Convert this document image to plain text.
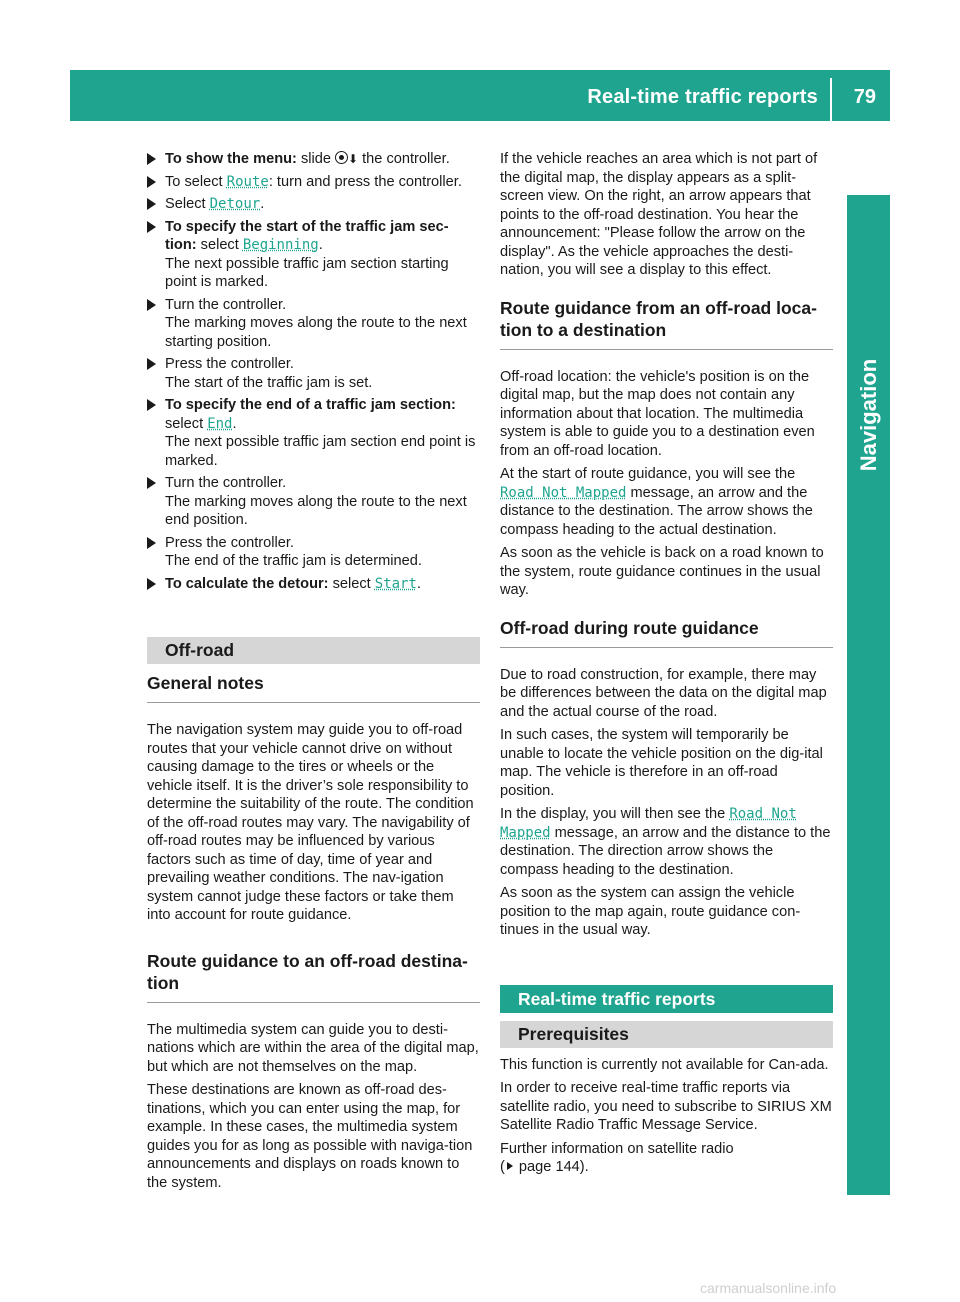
Real-time traffic reports 79
Navigation

To show the menu: slide ⬇ the controller.

To select Route: turn and press the controller.

Select Detour.

To specify the start of the traffic jam sec-tion: select Beginning.

The next possible traffic jam section starting point is marked.

Turn the controller.

The marking moves along the route to the next starting position.

Press the controller.

The start of the traffic jam is set.

To specify the end of a traffic jam section:

select End.

The next possible traffic jam section end point is marked.

Turn the controller.

The marking moves along the route to the next end position.

Press the controller.

The end of the traffic jam is determined.

To calculate the detour: select Start.

Off-road
General notes

The navigation system may guide you to off-road routes that your vehicle cannot drive on without causing damage to the tires or wheels or the vehicle itself. It is the driver’s sole responsibility to determine the suitability of the route. The condition of the off-road routes may vary. The navigability of off-road routes may be influenced by various factors such as time of day, time of year and prevailing weather conditions. The nav-igation system cannot judge these factors or take them into account for route guidance.

Route guidance to an off-road destina-tion

The multimedia system can guide you to desti-nations which are within the area of the digital map, but which are not themselves on the map.

These destinations are known as off-road des-tinations, which you can enter using the map, for example. In these cases, the multimedia system guides you for as long as possible with naviga-tion announcements and displays on roads known to the system.

If the vehicle reaches an area which is not part of the digital map, the display appears as a split-screen view. On the right, an arrow appears that points to the off-road destination. You hear the announcement: "Please follow the arrow on the display". As the vehicle approaches the desti-nation, you will see a display to this effect.

Route guidance from an off-road loca-tion to a destination

Off-road location: the vehicle's position is on the digital map, but the map does not contain any information about that location. The multimedia system is able to guide you to a destination even from an off-road location.

At the start of route guidance, you will see the Road Not Mapped message, an arrow and the distance to the destination. The arrow shows the compass heading to the actual destination.

As soon as the vehicle is back on a road known to the system, route guidance continues in the usual way.

Off-road during route guidance

Due to road construction, for example, there may be differences between the data on the digital map and the actual course of the road.

In such cases, the system will temporarily be unable to locate the vehicle position on the dig-ital map. The vehicle is therefore in an off-road position.

In the display, you will then see the Road Not Mapped message, an arrow and the distance to the destination. The direction arrow shows the compass heading to the destination.

As soon as the system can assign the vehicle position to the map again, route guidance con-tinues in the usual way.

Real-time traffic reports
Prerequisites

This function is currently not available for Can-ada.

In order to receive real-time traffic reports via satellite radio, you need to subscribe to SIRIUS XM Satellite Radio Traffic Message Service.

Further information on satellite radio
( page 144).

carmanualsonline.info
